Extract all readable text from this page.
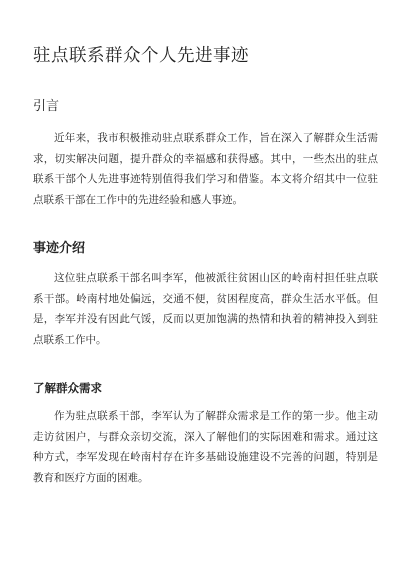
驻点联系群众个人先进事迹
引言

近年来，我市积极推动驻点联系群众工作，旨在深入了解群众生活需求，切实解决问题，提升群众的幸福感和获得感。其中，一些杰出的驻点联系干部个人先进事迹特别值得我们学习和借鉴。本文将介绍其中一位驻点联系干部在工作中的先进经验和感人事迹。

事迹介绍

这位驻点联系干部名叫李军，他被派往贫困山区的岭南村担任驻点联系干部。岭南村地处偏远，交通不便，贫困程度高，群众生活水平低。但是，李军并没有因此气馁，反而以更加饱满的热情和执着的精神投入到驻点联系工作中。

了解群众需求

作为驻点联系干部，李军认为了解群众需求是工作的第一步。他主动走访贫困户，与群众亲切交流，深入了解他们的实际困难和需求。通过这种方式，李军发现在岭南村存在许多基础设施建设不完善的问题，特别是教育和医疗方面的困难。
